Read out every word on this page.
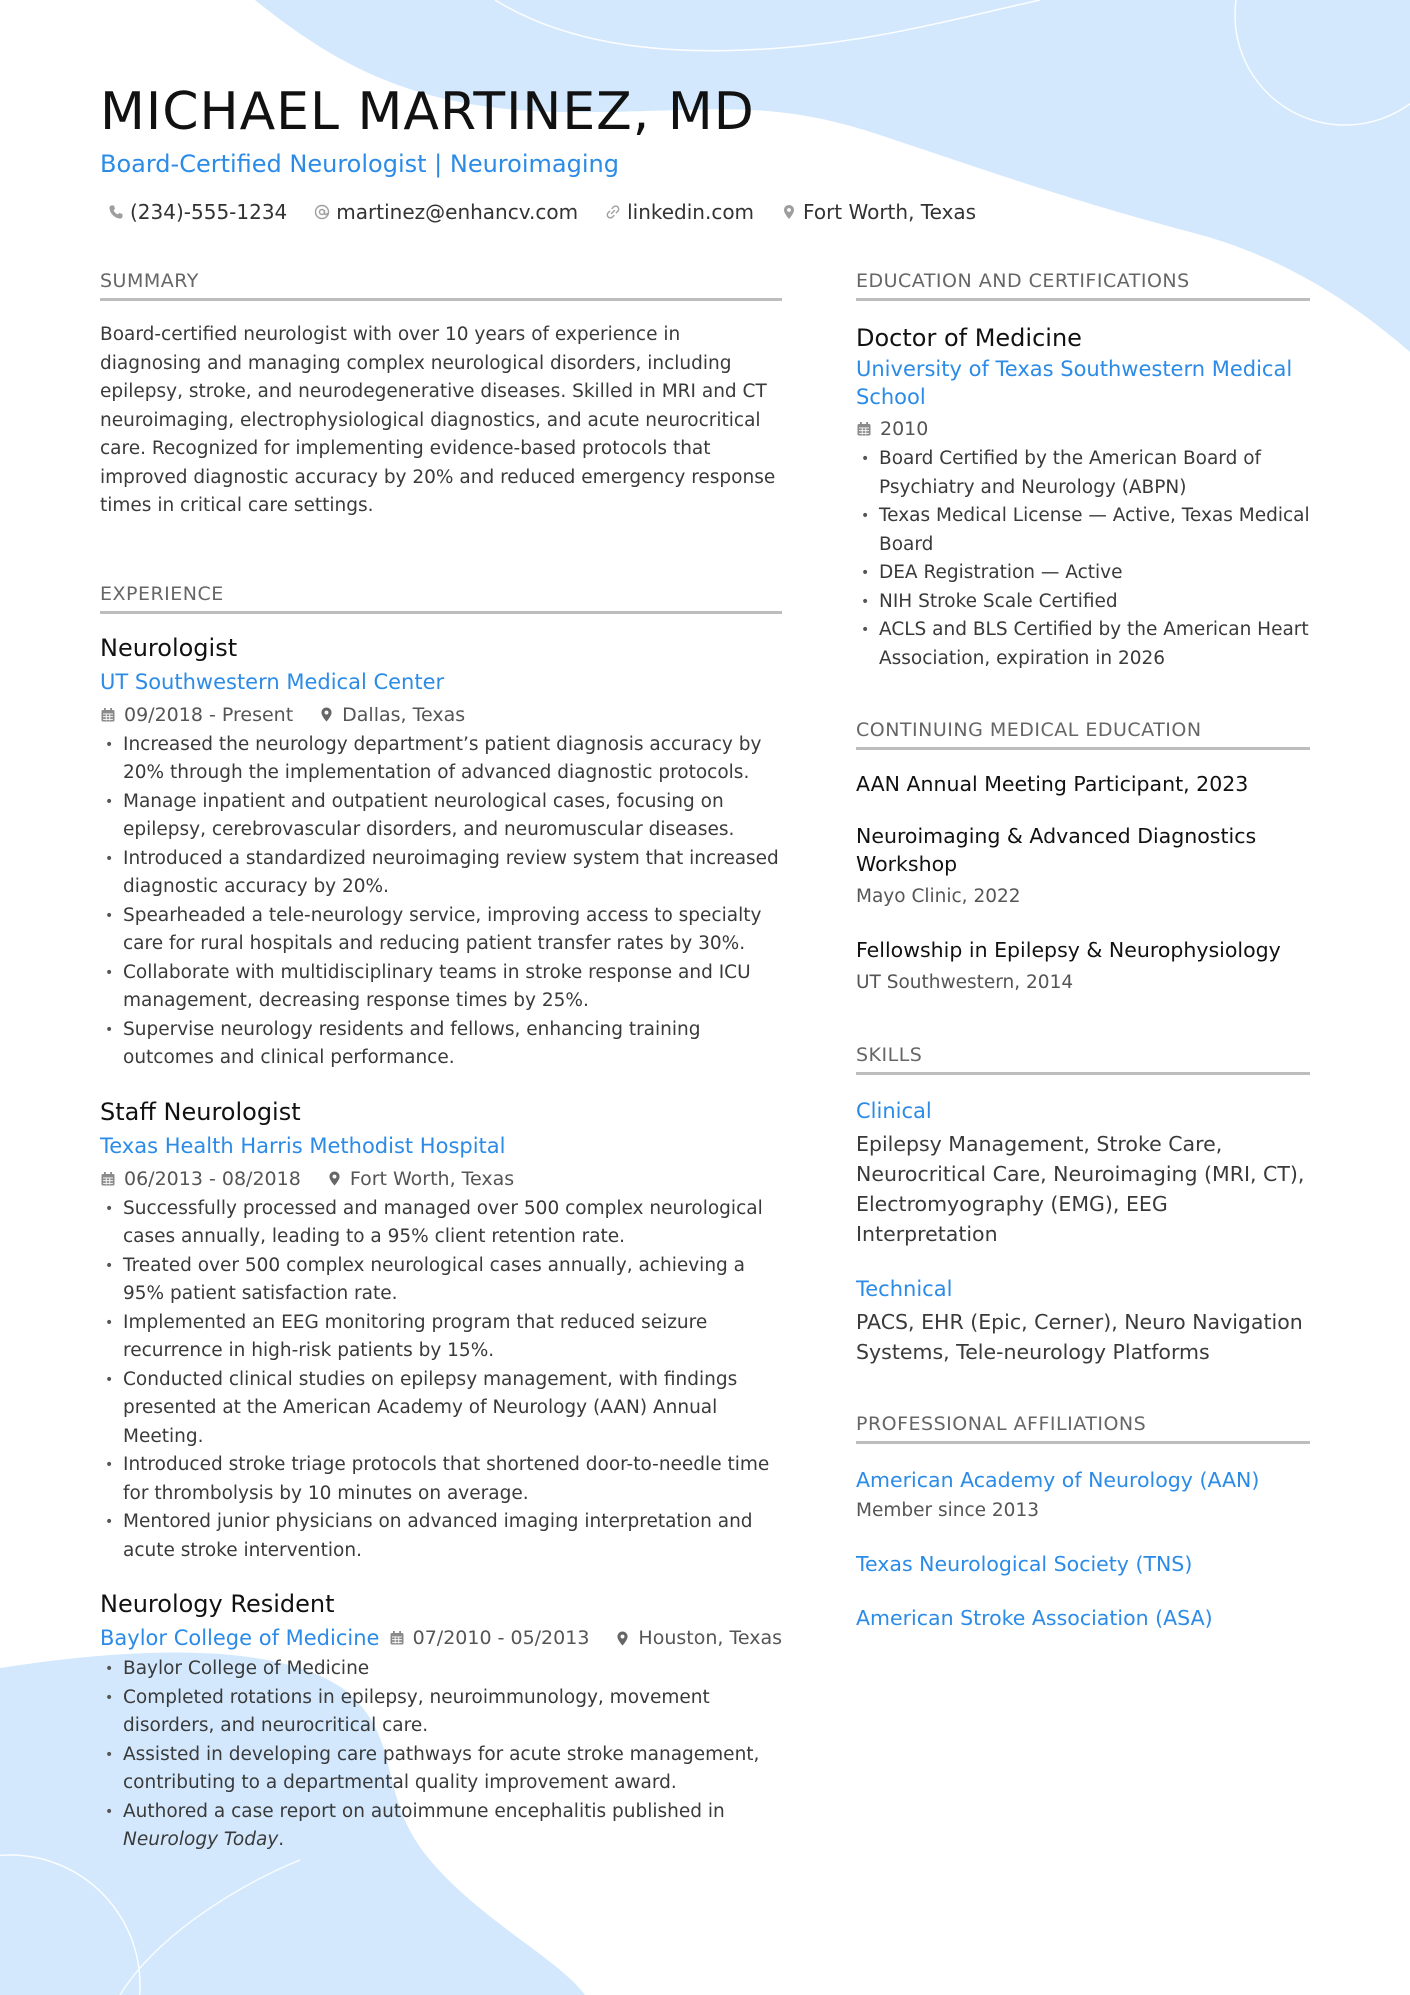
MICHAEL MARTINEZ, MD
Board-Certified Neurologist | Neuroimaging
(234)-555-1234 martinez@enhancv.com linkedin.com Fort Worth, Texas
SUMMARY

Board-certified neurologist with over 10 years of experience in diagnosing and managing complex neurological disorders, including epilepsy, stroke, and neurodegenerative diseases. Skilled in MRI and CT neuroimaging, electrophysiological diagnostics, and acute neurocritical care. Recognized for implementing evidence-based protocols that improved diagnostic accuracy by 20% and reduced emergency response times in critical care settings.

EXPERIENCE
Neurologist
UT Southwestern Medical Center
09/2018 - Present	Dallas, Texas
• Increased the neurology department’s patient diagnosis accuracy by 20% through the implementation of advanced diagnostic protocols.
• Manage inpatient and outpatient neurological cases, focusing on epilepsy, cerebrovascular disorders, and neuromuscular diseases.
• Introduced a standardized neuroimaging review system that increased diagnostic accuracy by 20%.
• Spearheaded a tele-neurology service, improving access to specialty care for rural hospitals and reducing patient transfer rates by 30%.
• Collaborate with multidisciplinary teams in stroke response and ICU management, decreasing response times by 25%.
• Supervise neurology residents and fellows, enhancing training outcomes and clinical performance.
Staff Neurologist
Texas Health Harris Methodist Hospital
06/2013 - 08/2018	Fort Worth, Texas
• Successfully processed and managed over 500 complex neurological cases annually, leading to a 95% client retention rate.
• Treated over 500 complex neurological cases annually, achieving a 95% patient satisfaction rate.
• Implemented an EEG monitoring program that reduced seizure recurrence in high-risk patients by 15%.
• Conducted clinical studies on epilepsy management, with findings presented at the American Academy of Neurology (AAN) Annual Meeting.
• Introduced stroke triage protocols that shortened door-to-needle time for thrombolysis by 10 minutes on average.
• Mentored junior physicians on advanced imaging interpretation and acute stroke intervention.
Neurology Resident
Baylor College of Medicine 07/2010 - 05/2013	Houston, Texas
• Baylor College of Medicine
• Completed rotations in epilepsy, neuroimmunology, movement disorders, and neurocritical care.
• Assisted in developing care pathways for acute stroke management, contributing to a departmental quality improvement award.
• Authored a case report on autoimmune encephalitis published in Neurology Today.
EDUCATION AND CERTIFICATIONS
Doctor of Medicine
University of Texas Southwestern Medical School
2010
• Board Certified by the American Board of Psychiatry and Neurology (ABPN)
• Texas Medical License — Active, Texas Medical Board
• DEA Registration — Active
• NIH Stroke Scale Certified
• ACLS and BLS Certified by the American Heart Association, expiration in 2026
CONTINUING MEDICAL EDUCATION
AAN Annual Meeting Participant, 2023
Neuroimaging & Advanced Diagnostics Workshop
Mayo Clinic, 2022
Fellowship in Epilepsy & Neurophysiology
UT Southwestern, 2014
SKILLS
Clinical
Epilepsy Management, Stroke Care, Neurocritical Care, Neuroimaging (MRI, CT), Electromyography (EMG), EEG Interpretation
Technical
PACS, EHR (Epic, Cerner), Neuro Navigation Systems, Tele-neurology Platforms
PROFESSIONAL AFFILIATIONS
American Academy of Neurology (AAN)
Member since 2013
Texas Neurological Society (TNS)
American Stroke Association (ASA)
